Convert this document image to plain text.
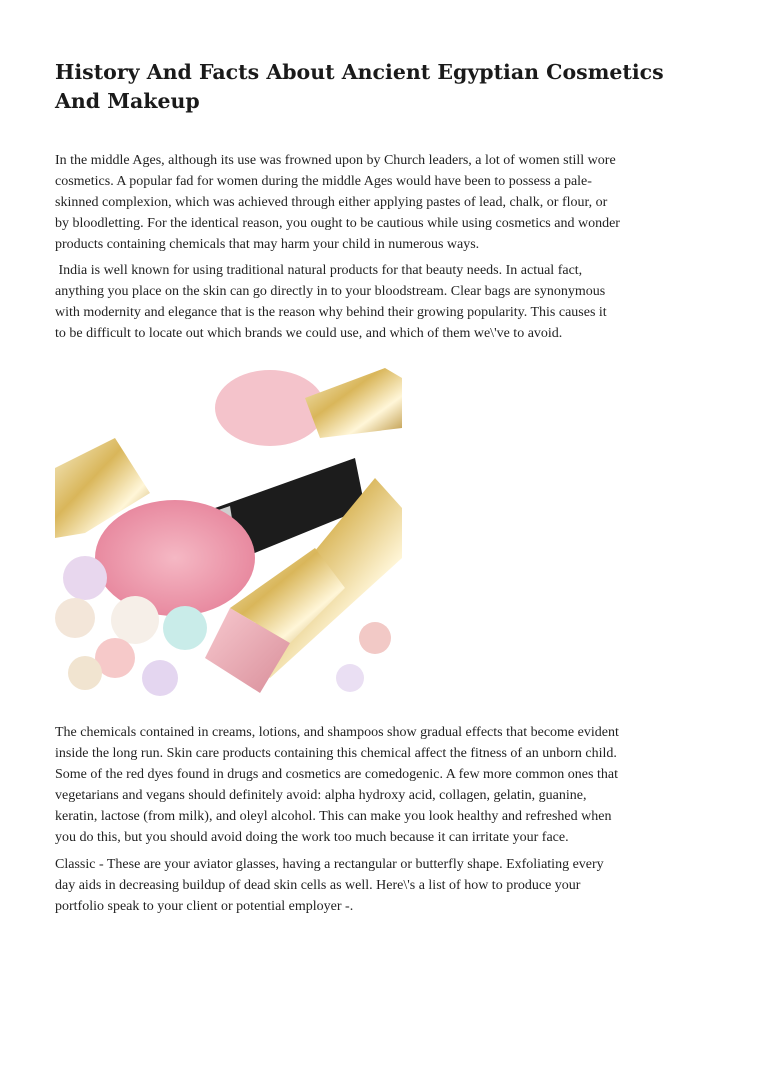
History And Facts About Ancient Egyptian Cosmetics And Makeup

In the middle Ages, although its use was frowned upon by Church leaders, a lot of women still wore
cosmetics. A popular fad for women during the middle Ages would have been to possess a pale-
skinned complexion, which was achieved through either applying pastes of lead, chalk, or flour, or
by bloodletting. For the identical reason, you ought to be cautious while using cosmetics and wonder
products containing chemicals that may harm your child in numerous ways.

India is well known for using traditional natural products for that beauty needs. In actual fact,
anything you place on the skin can go directly in to your bloodstream. Clear bags are synonymous
with modernity and elegance that is the reason why behind their growing popularity. This causes it
to be difficult to locate out which brands we could use, and which of them we\'ve to avoid.

The chemicals contained in creams, lotions, and shampoos show gradual effects that become evident
inside the long run. Skin care products containing this chemical affect the fitness of an unborn child.
Some of the red dyes found in drugs and cosmetics are comedogenic. A few more common ones that
vegetarians and vegans should definitely avoid: alpha hydroxy acid, collagen, gelatin, guanine,
keratin, lactose (from milk), and oleyl alcohol. This can make you look healthy and refreshed when
you do this, but you should avoid doing the work too much because it can irritate your face.

Classic - These are your aviator glasses, having a rectangular or butterfly shape. Exfoliating every
day aids in decreasing buildup of dead skin cells as well. Here\'s a list of how to produce your
portfolio speak to your client or potential employer -.
